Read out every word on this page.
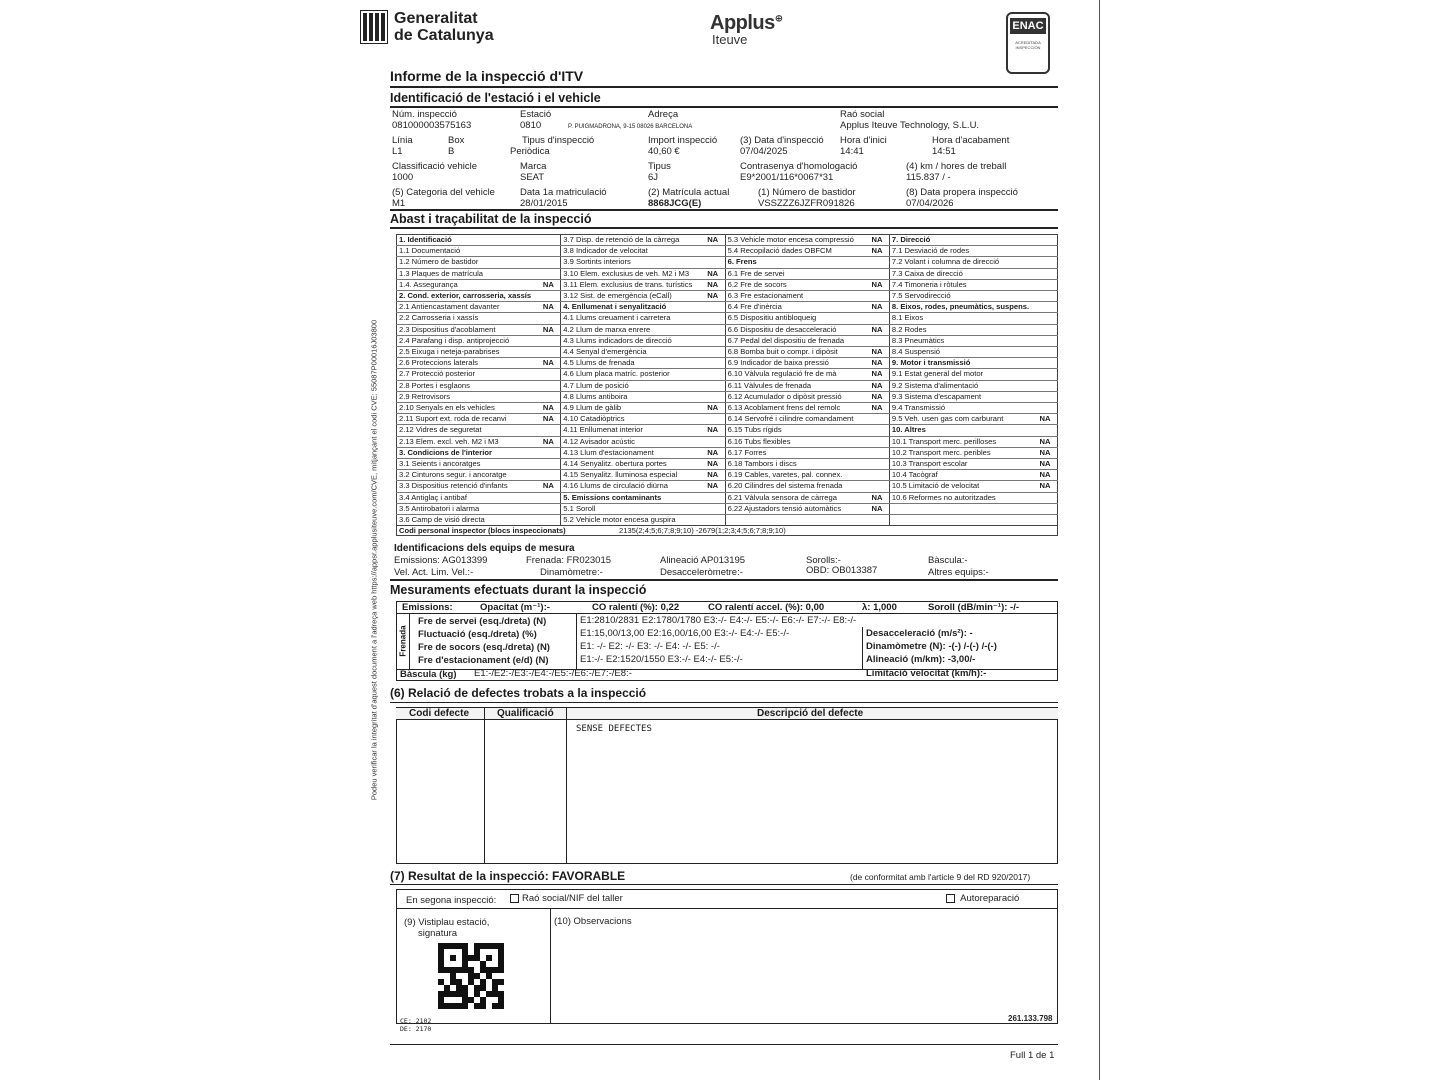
Podeu verificar la integritat d'aquest document a l'adreça web https://appsr.applusiteuve.com/CVE, mitjançant el codi CVE: 55087P00016J03800
Generalitat
de Catalunya
Applus⊕
Iteuve
ENAC
ACREDITADA INSPECCIÓN
Informe de la inspecció d'ITV
Identificació de l'estació i el vehicle
Núm. inspecció
081000003575163
Estació
0810
Adreça
P. PUIGMADRONA, 9-15 08026 BARCELONA
Raó social
Applus Iteuve Technology, S.L.U.
Línia
L1
Box
B
Tipus d'inspecció
Periòdica
Import inspecció
40,60 €
(3) Data d'inspecció
07/04/2025
Hora d'inici
14:41
Hora d'acabament
14:51
Classificació vehicle
1000
Marca
SEAT
Tipus
6J
Contrasenya d'homologació
E9*2001/116*0067*31
(4) km / hores de treball
115.837 / -
(5) Categoria del vehicle
M1
Data 1a matriculació
28/01/2015
(2) Matrícula actual
8868JCG(E)
(1) Número de bastidor
VSSZZZ6JZFR091826
(8) Data propera inspecció
07/04/2026
Abast i traçabilitat de la inspecció
1. Identificació		3.7 Disp. de retenció de la càrrega	NA	5.3 Vehicle motor encesa compressió	NA	7. Direcció	
1.1 Documentació		3.8 Indicador de velocitat		5.4 Recopilació dades OBFCM	NA	7.1 Desviació de rodes	
1.2 Número de bastidor		3.9 Sortints interiors		6. Frens		7.2 Volant i columna de direcció	
1.3 Plaques de matrícula		3.10 Elem. exclusius de veh. M2 i M3	NA	6.1 Fre de servei		7.3 Caixa de direcció	
1.4. Assegurança	NA	3.11 Elem. exclusius de trans. turístics	NA	6.2 Fre de socors	NA	7.4 Timoneria i ròtules	
2. Cond. exterior, carrosseria, xassís		3.12 Sist. de emergència (eCall)	NA	6.3 Fre estacionament		7.5 Servodirecció	
2.1 Antiencastament davanter	NA	4. Enllumenat i senyalització		6.4 Fre d'inèrcia	NA	8. Eixos, rodes, pneumàtics, suspens.	
2.2 Carrosseria i xassís		4.1 Llums creuament i carretera		6.5 Dispositiu antibloqueig		8.1 Eixos	
2.3 Dispositius d'acoblament	NA	4.2 Llum de marxa enrere		6.6 Dispositiu de desacceleració	NA	8.2 Rodes	
2.4 Parafang i disp. antiprojecció		4.3 Llums indicadors de direcció		6.7 Pedal del dispositiu de frenada		8.3 Pneumàtics	
2.5 Eixuga i neteja-parabrises		4.4 Senyal d'emergència		6.8 Bomba buit o compr. i dipòsit	NA	8.4 Suspensió	
2.6 Proteccions laterals	NA	4.5 Llums de frenada		6.9 Indicador de baixa pressió	NA	9. Motor i transmissió	
2.7 Protecció posterior		4.6 Llum placa matríc. posterior		6.10 Vàlvula regulació fre de mà	NA	9.1 Estat general del motor	
2.8 Portes i esglaons		4.7 Llum de posició		6.11 Vàlvules de frenada	NA	9.2 Sistema d'alimentació	
2.9 Retrovisors		4.8 Llums antiboira		6.12 Acumulador o dipòsit pressió	NA	9.3 Sistema d'escapament	
2.10 Senyals en els vehicles	NA	4.9 Llum de gàlib	NA	6.13 Acoblament frens del remolc	NA	9.4 Transmissió	
2.11 Suport ext. roda de recanvi	NA	4.10 Catadiòptrics		6.14 Servofré i cilindre comandament		9.5 Veh. usen gas com carburant	NA
2.12 Vidres de seguretat		4.11 Enllumenat interior	NA	6.15 Tubs rígids		10. Altres	
2.13 Elem. excl. veh. M2 i M3	NA	4.12 Avisador acústic		6.16 Tubs flexibles		10.1 Transport merc. perilloses	NA
3. Condicions de l'interior		4.13 Llum d'estacionament	NA	6.17 Forres		10.2 Transport merc. peribles	NA
3.1 Seients i ancoratges		4.14 Senyalitz. obertura portes	NA	6.18 Tambors i discs		10.3 Transport escolar	NA
3.2 Cinturons segur. i ancoratge		4.15 Senyalitz. lluminosa especial	NA	6.19 Cables, varetes, pal. connex.		10.4 Tacògraf	NA
3.3 Dispositius retenció d'infants	NA	4.16 Llums de circulació diürna	NA	6.20 Cilindres del sistema frenada		10.5 Limitació de velocitat	NA
3.4 Antiglaç i antibaf		5. Emissions contaminants		6.21 Vàlvula sensora de càrrega	NA	10.6 Reformes no autoritzades	
3.5 Antirobatori i alarma		5.1 Soroll		6.22 Ajustadors tensió automàtics	NA		
3.6 Camp de visió directa		5.2 Vehicle motor encesa guspira					
Codi personal inspector (blocs inspeccionats)	2135(2;4;5;6;7;8;9;10) -2679(1;2;3;4;5;6;7;8;9;10)
Identificacions dels equips de mesura
Emissions: AG013399	Frenada: FR023015	Alineació AP013195	Sorolls:-	Bàscula:-
Vel. Act. Lim. Vel.:-	Dinamòmetre:-	Desacceleròmetre:-	OBD: OB013387	Altres equips:-
Mesuraments efectuats durant la inspecció
Emissions:	Opacitat (m⁻¹):-	CO ralentí (%): 0,22	CO ralentí accel. (%): 0,00	λ: 1,000	Soroll (dB/min⁻¹): -/-
Frenada
Fre de servei (esq./dreta) (N)	E1:2810/2831 E2:1780/1780 E3:-/- E4:-/- E5:-/- E6:-/- E7:-/- E8:-/-
Fluctuació (esq./dreta) (%)	E1:15,00/13,00 E2:16,00/16,00 E3:-/- E4:-/- E5:-/-	Desacceleració (m/s²): -
Fre de socors (esq./dreta) (N)	E1: -/- E2: -/- E3: -/- E4: -/- E5: -/-	Dinamòmetre (N): -(-) /-(-) /-(-)
Fre d'estacionament (e/d) (N)	E1:-/- E2:1520/1550 E3:-/- E4:-/- E5:-/-	Alineació (m/km): -3,00/-
Bàscula (kg) E1:-/E2:-/E3:-/E4:-/E5:-/E6:-/E7:-/E8:-	Limitació velocitat (km/h):-
(6) Relació de defectes trobats a la inspecció
Codi defecte	Qualificació	Descripció del defecte
SENSE DEFECTES
(7) Resultat de la inspecció: FAVORABLE	(de conformitat amb l'article 9 del RD 920/2017)
En segona inspecció:	Raó social/NIF del taller	Autoreparació
(9) Vistiplau estació,
signatura
(10) Observacions
CE: 2102
DE: 2170
261.133.798
Full 1 de 1
